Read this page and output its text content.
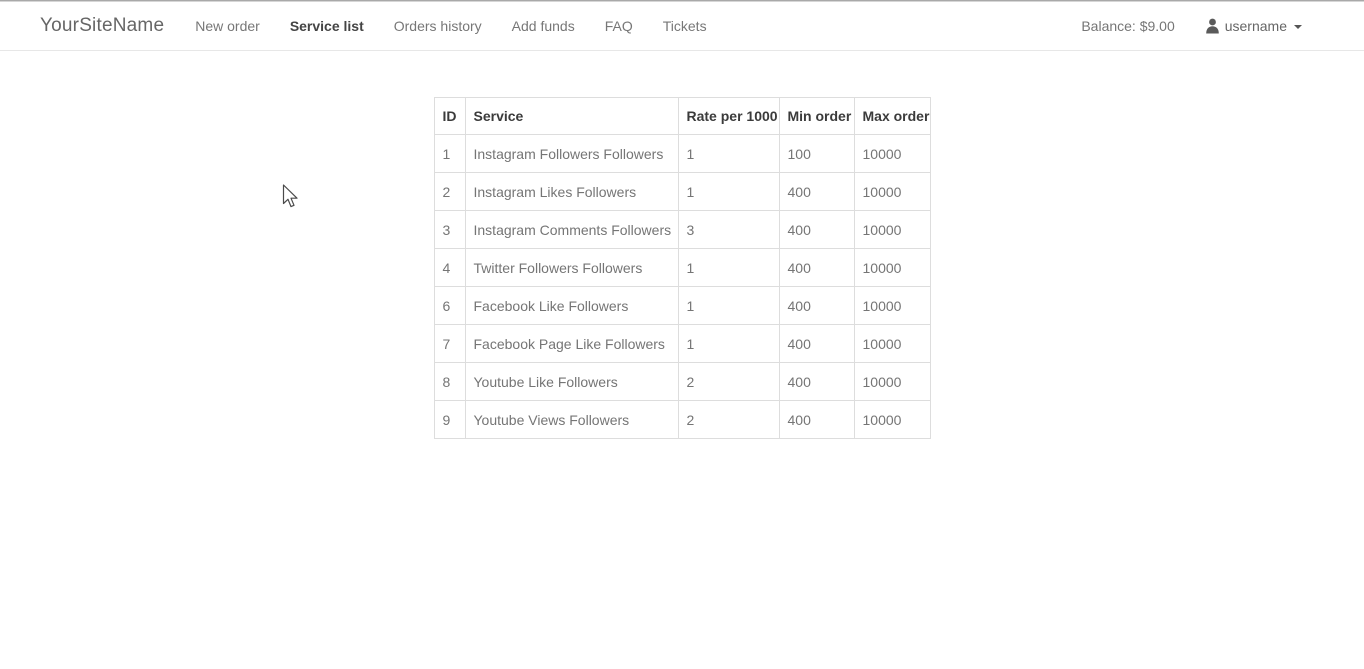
YourSiteName	New order	Service list	Orders history	Add funds	FAQ	Tickets	Balance: $9.00	username
ID	Service	Rate per 1000	Min order	Max order
1	Instagram Followers Followers	1	100	10000
2	Instagram Likes Followers	1	400	10000
3	Instagram Comments Followers	3	400	10000
4	Twitter Followers Followers	1	400	10000
6	Facebook Like Followers	1	400	10000
7	Facebook Page Like Followers	1	400	10000
8	Youtube Like Followers	2	400	10000
9	Youtube Views Followers	2	400	10000
